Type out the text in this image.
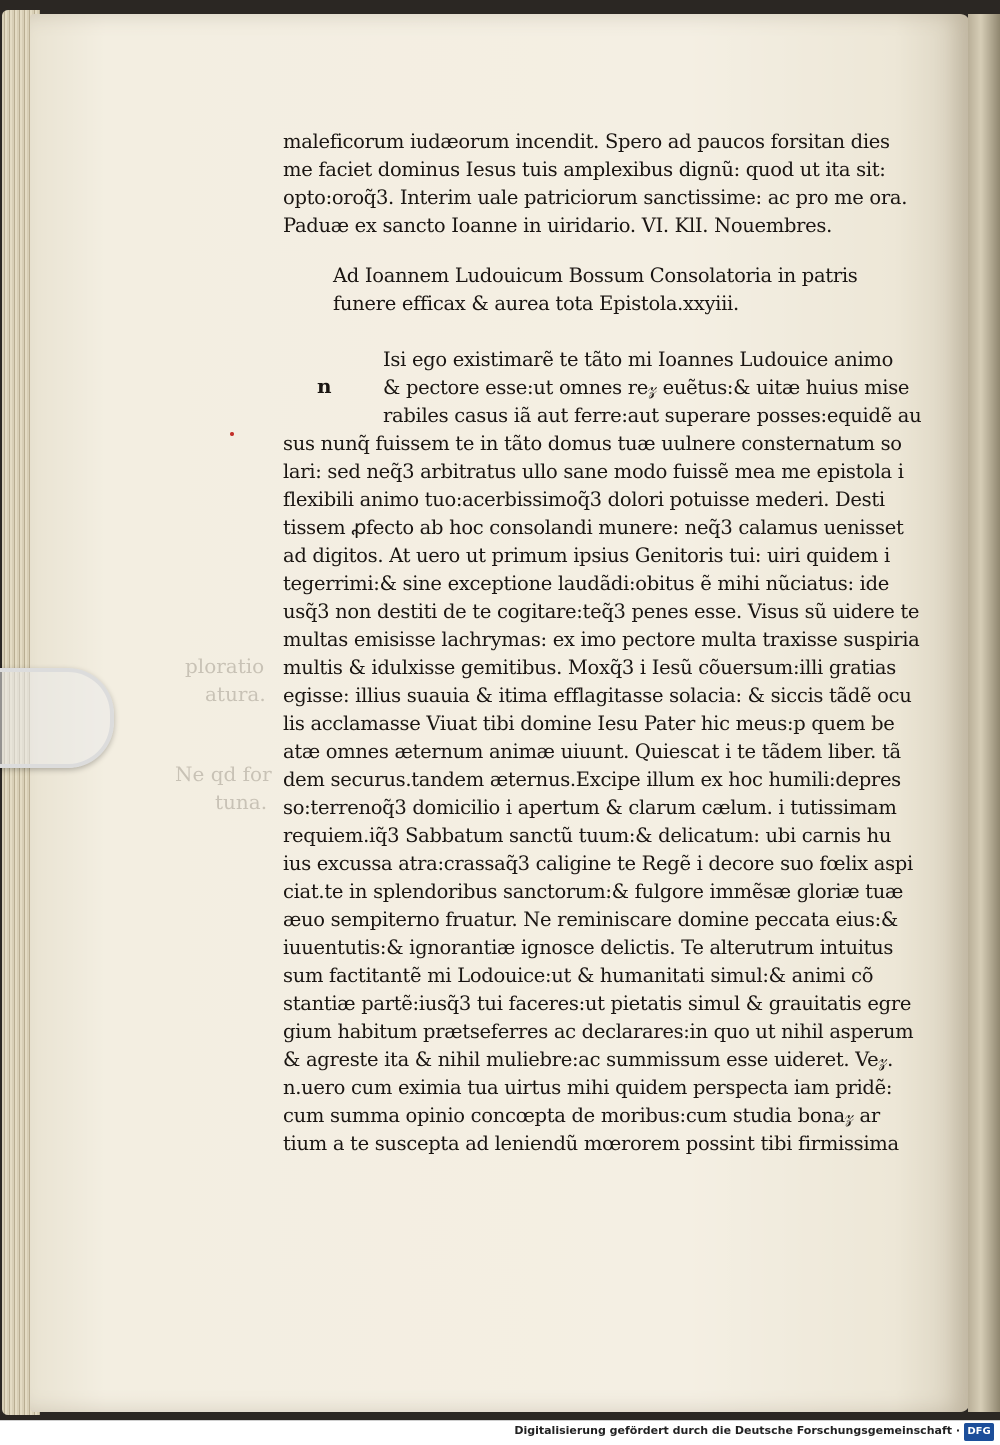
ploratio
atura.
Ne qd for
tuna.
maleficorum iudæorum incendit. Spero ad paucos forsitan dies
me faciet dominus Iesus tuis amplexibus dignũ: quod ut ita sit:
opto:oroq̃3. Interim uale patriciorum sanctissime: ac pro me ora.
Paduæ ex sancto Ioanne in uiridario. VI. KlI. Nouembres.
Ad Ioannem Ludouicum Bossum Consolatoria in patris
funere efficax & aurea tota Epistola.xxyiii.
n
Isi ego existimarẽ te tãto mi Ioannes Ludouice animo
& pectore esse:ut omnes re𝓏 euẽtus:& uitæ huius mise
rabiles casus iã aut ferre:aut superare posses:equidẽ au
sus nunq̃ fuissem te in tãto domus tuæ uulnere consternatum so
lari: sed neq̃3 arbitratus ullo sane modo fuissẽ mea me epistola i
flexibili animo tuo:acerbissimoq̃3 dolori potuisse mederi. Desti
tissem ꝓfecto ab hoc consolandi munere: neq̃3 calamus uenisset
ad digitos. At uero ut primum ipsius Genitoris tui: uiri quidem i
tegerrimi:& sine exceptione laudãdi:obitus ẽ mihi nũciatus: ide
usq̃3 non destiti de te cogitare:teq̃3 penes esse. Visus sũ uidere te
multas emisisse lachrymas: ex imo pectore multa traxisse suspiria
multis & idulxisse gemitibus. Moxq̃3 i Iesũ cõuersum:illi gratias
egisse: illius suauia & itima efflagitasse solacia: & siccis tãdẽ ocu
lis acclamasse Viuat tibi domine Iesu Pater hic meus:p quem be
atæ omnes æternum animæ uiuunt. Quiescat i te tãdem liber. tã
dem securus.tandem æternus.Excipe illum ex hoc humili:depres
so:terrenoq̃3 domicilio i apertum & clarum cælum. i tutissimam
requiem.iq̃3 Sabbatum sanctũ tuum:& delicatum: ubi carnis hu
ius excussa atra:crassaq̃3 caligine te Regẽ i decore suo fœlix aspi
ciat.te in splendoribus sanctorum:& fulgore immẽsæ gloriæ tuæ
æuo sempiterno fruatur. Ne reminiscare domine peccata eius:&
iuuentutis:& ignorantiæ ignosce delictis. Te alterutrum intuitus
sum factitantẽ mi Lodouice:ut & humanitati simul:& animi cõ
stantiæ partẽ:iusq̃3 tui faceres:ut pietatis simul & grauitatis egre
gium habitum prætseferres ac declarares:in quo ut nihil asperum
& agreste ita & nihil muliebre:ac summissum esse uideret. Ve𝓏.
n.uero cum eximia tua uirtus mihi quidem perspecta iam pridẽ:
cum summa opinio concœpta de moribus:cum studia bona𝓏 ar
tium a te suscepta ad leniendũ mœrorem possint tibi firmissima
Digitalisierung gefördert durch die Deutsche Forschungsgemeinschaft · DFG
